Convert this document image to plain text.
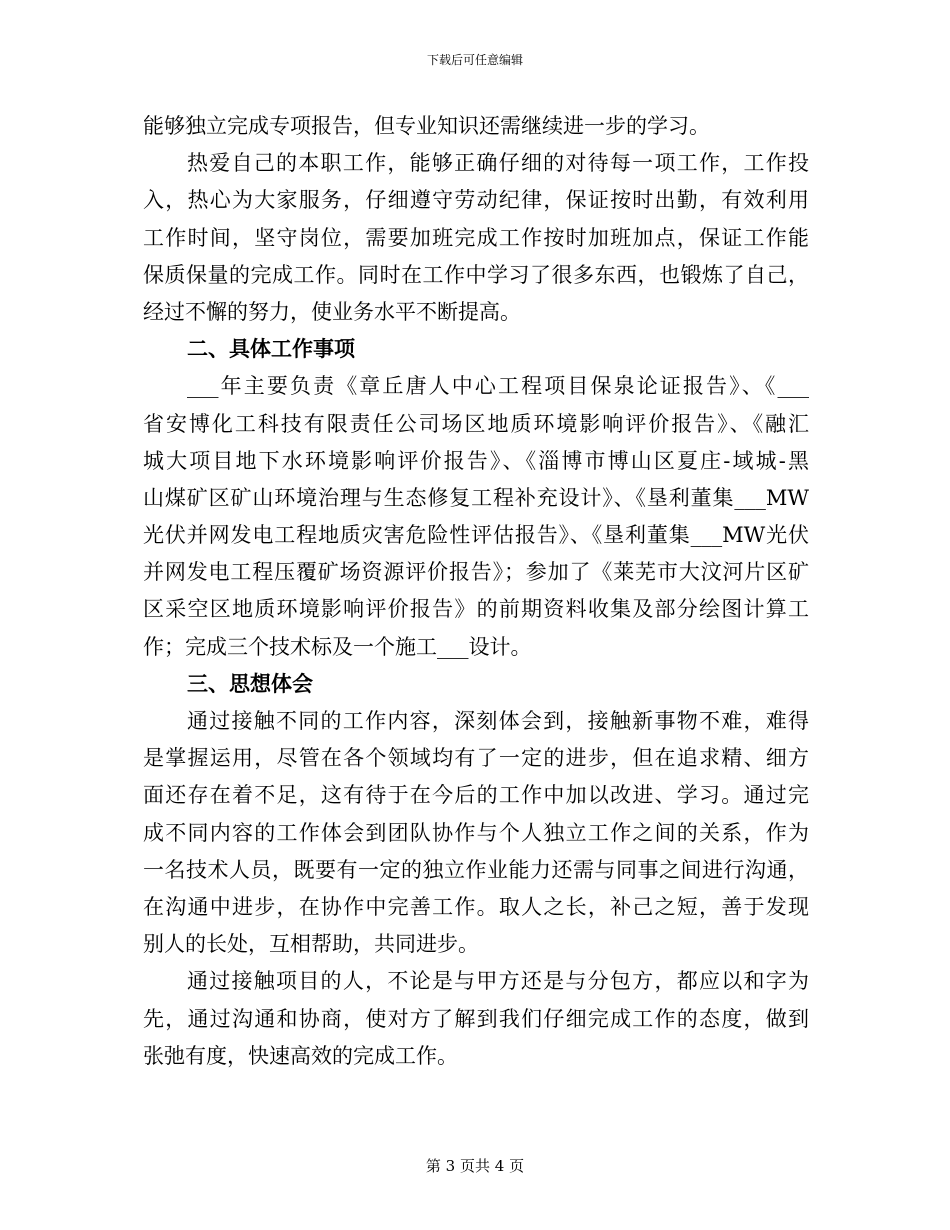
下载后可任意编辑
能够独立完成专项报告，但专业知识还需继续进一步的学习。
热爱自己的本职工作，能够正确仔细的对待每一项工作，工作投
入，热心为大家服务，仔细遵守劳动纪律，保证按时出勤，有效利用
工作时间，坚守岗位，需要加班完成工作按时加班加点，保证工作能
保质保量的完成工作。同时在工作中学习了很多东西，也锻炼了自己，
经过不懈的努力，使业务水平不断提高。
二、具体工作事项
___年主要负责《章丘唐人中心工程项目保泉论证报告》、《___
省安博化工科技有限责任公司场区地质环境影响评价报告》、《融汇
城大项目地下水环境影响评价报告》、《淄博市博山区夏庄-域城-黑
山煤矿区矿山环境治理与生态修复工程补充设计》、《垦利董集___MW
光伏并网发电工程地质灾害危险性评估报告》、《垦利董集___MW光伏
并网发电工程压覆矿场资源评价报告》；参加了《莱芜市大汶河片区矿
区采空区地质环境影响评价报告》的前期资料收集及部分绘图计算工
作；完成三个技术标及一个施工___设计。
三、思想体会
通过接触不同的工作内容，深刻体会到，接触新事物不难，难得
是掌握运用，尽管在各个领域均有了一定的进步，但在追求精、细方
面还存在着不足，这有待于在今后的工作中加以改进、学习。通过完
成不同内容的工作体会到团队协作与个人独立工作之间的关系，作为
一名技术人员，既要有一定的独立作业能力还需与同事之间进行沟通，
在沟通中进步，在协作中完善工作。取人之长，补己之短，善于发现
别人的长处，互相帮助，共同进步。
通过接触项目的人，不论是与甲方还是与分包方，都应以和字为
先，通过沟通和协商，使对方了解到我们仔细完成工作的态度，做到
张弛有度，快速高效的完成工作。
第 3 页共 4 页
